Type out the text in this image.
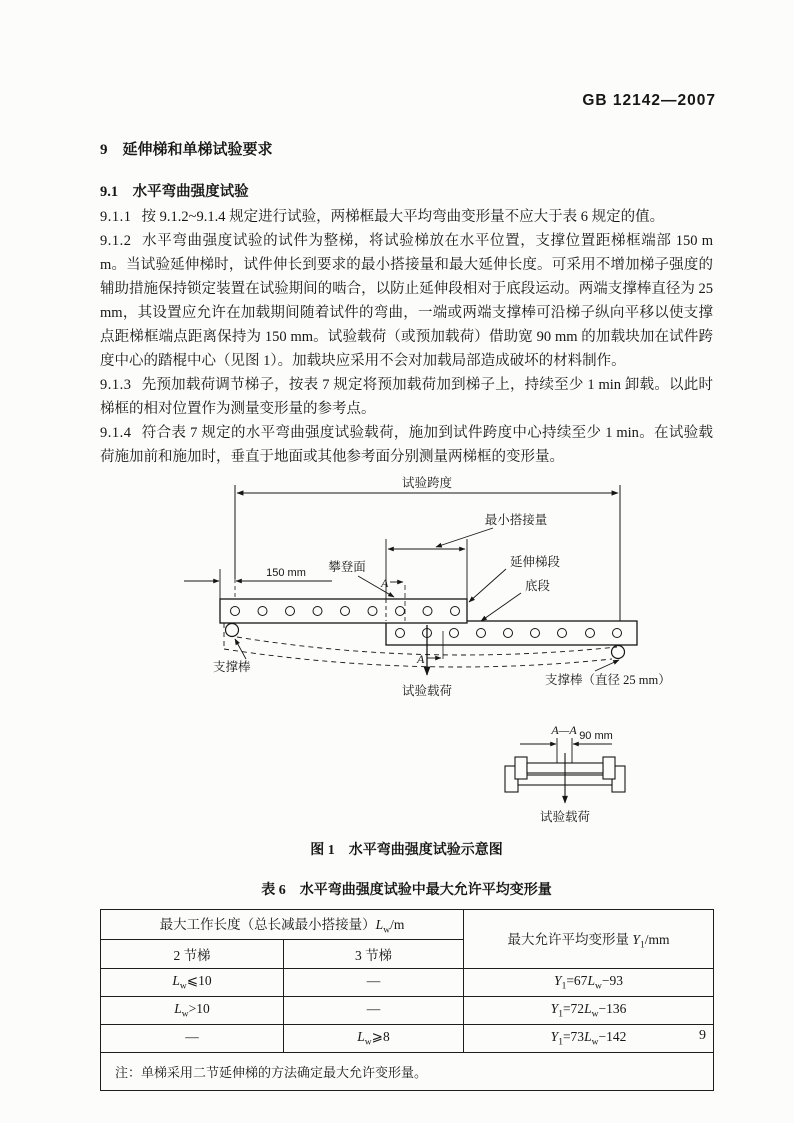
GB 12142—2007

9　延伸梯和单梯试验要求

9.1　水平弯曲强度试验

9.1.1 按 9.1.2~9.1.4 规定进行试验，两梯框最大平均弯曲变形量不应大于表 6 规定的值。

9.1.2 水平弯曲强度试验的试件为整梯，将试验梯放在水平位置，支撑位置距梯框端部 150 mm。当试验延伸梯时，试件伸长到要求的最小搭接量和最大延伸长度。可采用不增加梯子强度的辅助措施保持锁定装置在试验期间的啮合，以防止延伸段相对于底段运动。两端支撑棒直径为 25 mm，其设置应允许在加载期间随着试件的弯曲，一端或两端支撑棒可沿梯子纵向平移以使支撑点距梯框端点距离保持为 150 mm。试验载荷（或预加载荷）借助宽 90 mm 的加载块加在试件跨度中心的踏棍中心（见图 1）。加载块应采用不会对加载局部造成破坏的材料制作。

9.1.3 先预加载荷调节梯子，按表 7 规定将预加载荷加到梯子上，持续至少 1 min 卸载。以此时梯框的相对位置作为测量变形量的参考点。

9.1.4 符合表 7 规定的水平弯曲强度试验载荷，施加到试件跨度中心持续至少 1 min。在试验载荷施加前和施加时，垂直于地面或其他参考面分别测量两梯框的变形量。

试验跨度
150 mm
最小搭接量
攀登面	延伸梯段
底段
A
A
试验载荷
支撑棒
支撑棒（直径 25 mm）
A—A 90 mm
试验载荷

图 1　水平弯曲强度试验示意图

表 6　水平弯曲强度试验中最大允许平均变形量

最大工作长度（总长减最小搭接量）$L_w/m$		最大允许平均变形量 $Y_1/mm$
2 节梯	3 节梯	
$L_w⩽10$	—	$Y_1=67L_w-93$
$L_w>10$	—	$Y_1=72L_w-136$
—	$L_w⩾8$	$Y_1=73L_w-142$
注：单梯采用二节延伸梯的方法确定最大允许变形量。		
9
